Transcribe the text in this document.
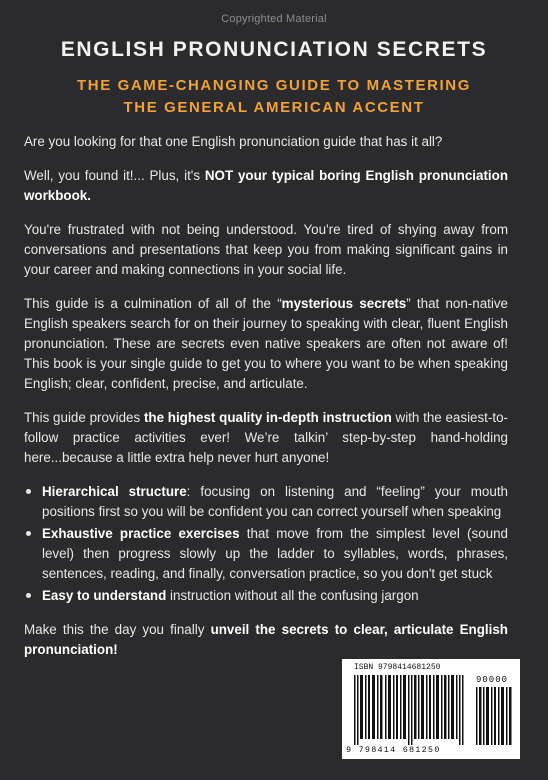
Copyrighted Material
ENGLISH PRONUNCIATION SECRETS
THE GAME-CHANGING GUIDE TO MASTERING
THE GENERAL AMERICAN ACCENT

Are you looking for that one English pronunciation guide that has it all?

Well, you found it!... Plus, it's NOT your typical boring English pronunciation workbook.

You're frustrated with not being understood. You're tired of shying away from conversations and presentations that keep you from making significant gains in your career and making connections in your social life.

This guide is a culmination of all of the “mysterious secrets” that non-native English speakers search for on their journey to speaking with clear, fluent English pronunciation. These are secrets even native speakers are often not aware of! This book is your single guide to get you to where you want to be when speaking English; clear, confident, precise, and articulate.

This guide provides the highest quality in-depth instruction with the easiest-to-follow practice activities ever! We’re talkin’ step-by-step hand-holding here...because a little extra help never hurt anyone!

Hierarchical structure: focusing on listening and “feeling” your mouth positions first so you will be confident you can correct yourself when speaking
Exhaustive practice exercises that move from the simplest level (sound level) then progress slowly up the ladder to syllables, words, phrases, sentences, reading, and finally, conversation practice, so you don't get stuck
Easy to understand instruction without all the confusing jargon

Make this the day you finally unveil the secrets to clear, articulate English pronunciation!

ISBN 9798414681250
90000
9 798414 681250
